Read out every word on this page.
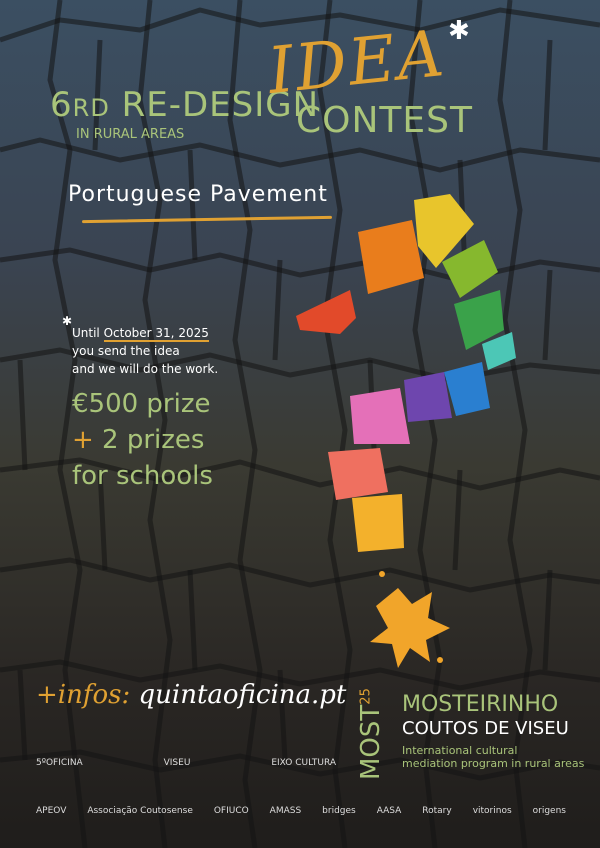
6RD RE-DESIGN
IN RURAL AREAS
IDEA
CONTEST
✱
Portuguese Pavement
✱
Until October 31, 2025
you send the idea
and we will do the work.
€500 prize
+ 2 prizes
for schools
+infos: quintaoficina.pt
MOST$^{25}$	MOSTEIRINHO
COUTOS DE VISEU
International cultural
mediation program in rural areas
5ºOFICINA	VISEU	EIXO CULTURA
APEOV Associação Coutosense OFIUCO AMASS bridges AASA Rotary vitorinos origens
